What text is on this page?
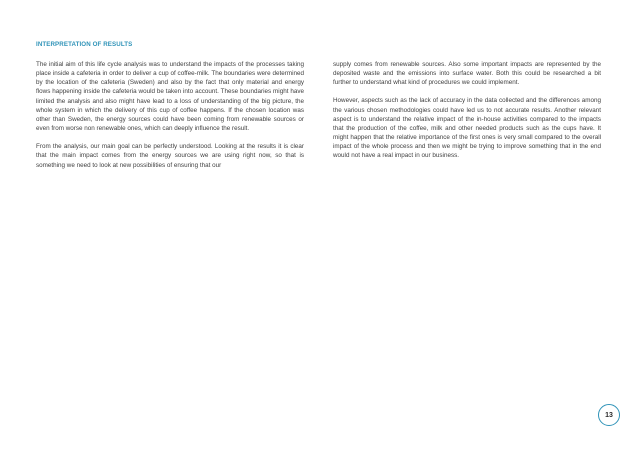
INTERPRETATION OF RESULTS

The initial aim of this life cycle analysis was to understand the impacts of the processes taking place inside a cafeteria in order to deliver a cup of coffee-milk. The boundaries were determined by the location of the cafeteria (Sweden) and also by the fact that only material and energy flows happening inside the cafeteria would be taken into account. These boundaries might have limited the analysis and also might have lead to a loss of understanding of the big picture, the whole system in which the delivery of this cup of coffee happens. If the chosen location was other than Sweden, the energy sources could have been coming from renewable sources or even from worse non renewable ones, which can deeply influence the result.

From the analysis, our main goal can be perfectly understood. Looking at the results it is clear that the main impact comes from the energy sources we are using right now, so that is something we need to look at new possibilities of ensuring that our

supply comes from renewable sources. Also some important impacts are represented by the deposited waste and the emissions into surface water. Both this could be researched a bit further to understand what kind of procedures we could implement.

However, aspects such as the lack of accuracy in the data collected and the differences among the various chosen methodologies could have led us to not accurate results. Another relevant aspect is to understand the relative impact of the in-house activities compared to the impacts that the production of the coffee, milk and other needed products such as the cups have. It might happen that the relative importance of the first ones is very small compared to the overall impact of the whole process and then we might be trying to improve something that in the end would not have a real impact in our business.

13
